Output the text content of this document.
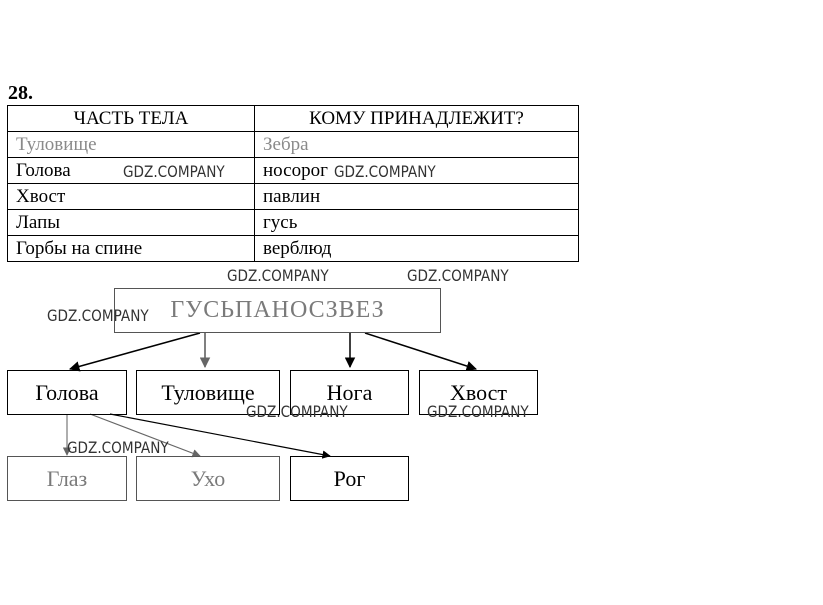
28.
ЧАСТЬ ТЕЛА	КОМУ ПРИНАДЛЕЖИТ?
Туловище	Зебра
Голова	носорог
Хвост	павлин
Лапы	гусь
Горбы на спине	верблюд
ГУСЬПАНОСЗВЕЗ
Голова	Туловище	Нога	Хвост
Глаз	Ухо	Рог
GDZ.COMPANY	GDZ.COMPANY
GDZ.COMPANY	GDZ.COMPANY
GDZ.COMPANY
GDZ.COMPANY	GDZ.COMPANY
GDZ.COMPANY
